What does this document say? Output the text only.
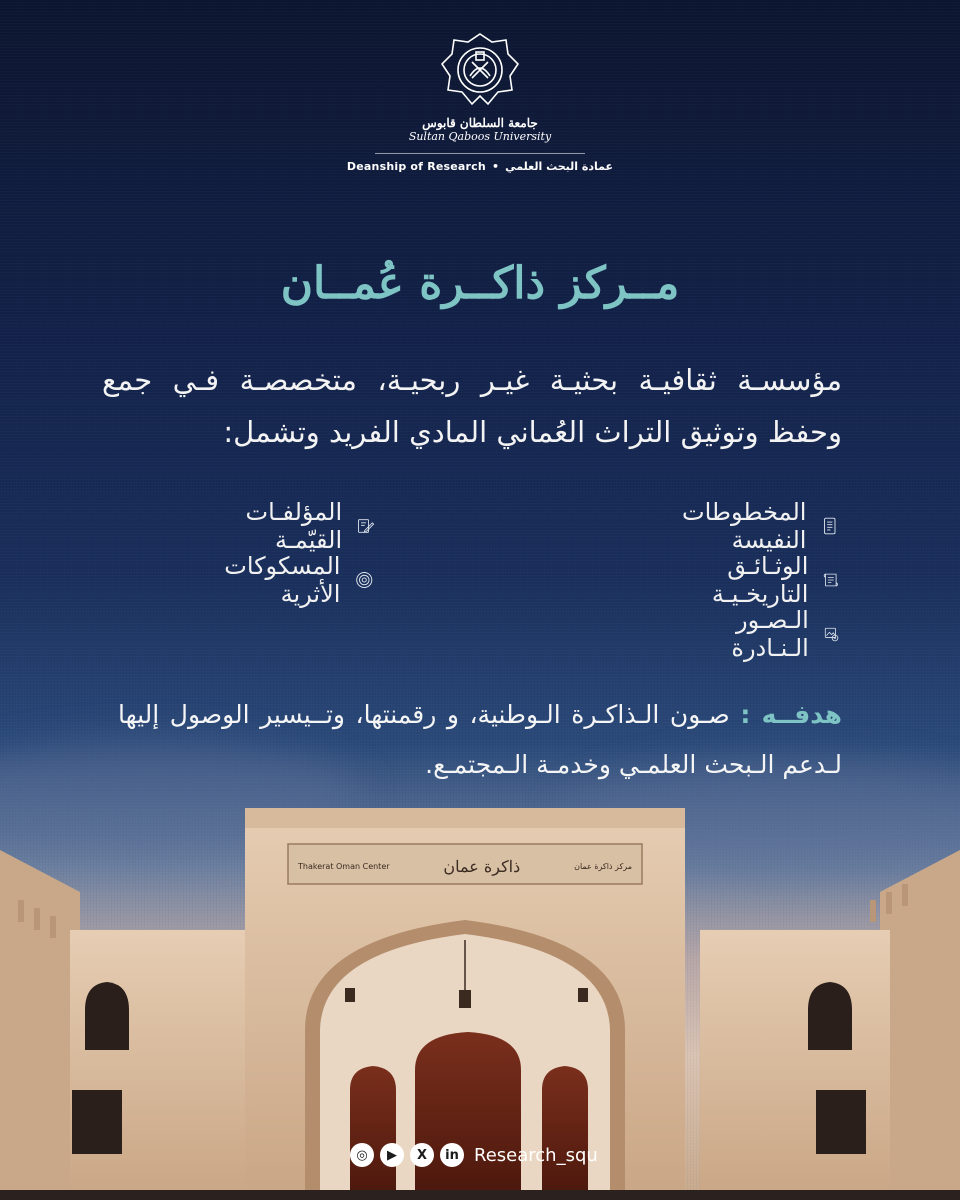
جامعة السلطان قابوس
Sultan Qaboos University
Deanship of Research • عمادة البحث العلمي
مــركز ذاكــرة عُمــان
مؤسسـة ثقافيـة بحثيـة غيـر ربحيـة، متخصصـة فـي جمع وحفظ وتوثيق التراث العُماني المادي الفريد وتشمل:
المخطوطات النفيسة
الوثـائـق التاريخـيـة
الـصـور الـنـادرة
المؤلفـات القيّمـة
المسكوكات الأثرية
هدفــه : صـون الـذاكـرة الـوطنية، و رقمنتها، وتــيسير الوصول إليها لـدعم الـبحث العلمـي وخدمـة الـمجتمـع.
Thakerat Oman Center	ذاكرة عمان	مركز ذاكرة عمان
◎	▶	X	in Research_squ
